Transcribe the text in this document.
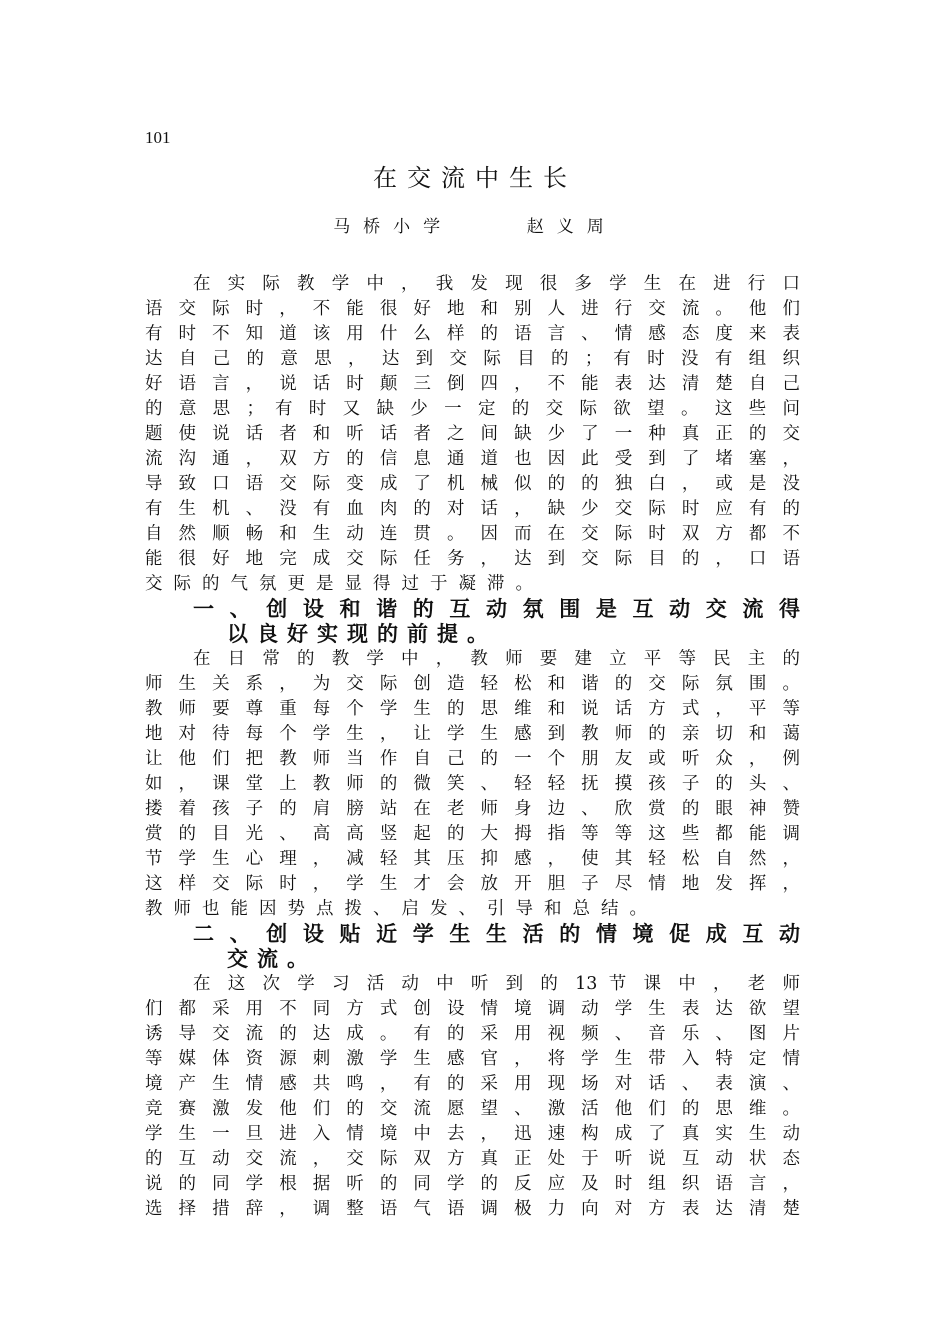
101
在交流中生长
马桥小学    赵义周
在 实 际 教 学 中 ， 我 发 现 很 多 学 生 在 进 行 口
语 交 际 时 ， 不 能 很 好 地 和 别 人 进 行 交 流 。 他 们
有 时 不 知 道 该 用 什 么 样 的 语 言 、 情 感 态 度 来 表
达 自 己 的 意 思 ， 达 到 交 际 目 的 ； 有 时 没 有 组 织
好 语 言 ， 说 话 时 颠 三 倒 四 ， 不 能 表 达 清 楚 自 己
的 意 思 ； 有 时 又 缺 少 一 定 的 交 际 欲 望 。 这 些 问
题 使 说 话 者 和 听 话 者 之 间 缺 少 了 一 种 真 正 的 交
流 沟 通 ， 双 方 的 信 息 通 道 也 因 此 受 到 了 堵 塞 ，
导 致 口 语 交 际 变 成 了 机 械 似 的 的 独 白 ， 或 是 没
有 生 机 、 没 有 血 肉 的 对 话 ， 缺 少 交 际 时 应 有 的
自 然 顺 畅 和 生 动 连 贯 。 因 而 在 交 际 时 双 方 都 不
能 很 好 地 完 成 交 际 任 务 ， 达 到 交 际 目 的 ， 口 语
交际的气氛更是显得过于凝滞。
一 、 创 设 和 谐 的 互 动 氛 围 是 互 动 交 流 得
以良好实现的前提。
在 日 常 的 教 学 中 ， 教 师 要 建 立 平 等 民 主 的
师 生 关 系 ， 为 交 际 创 造 轻 松 和 谐 的 交 际 氛 围 。
教 师 要 尊 重 每 个 学 生 的 思 维 和 说 话 方 式 ， 平 等
地 对 待 每 个 学 生 ， 让 学 生 感 到 教 师 的 亲 切 和 蔼
让 他 们 把 教 师 当 作 自 己 的 一 个 朋 友 或 听 众 ， 例
如 ， 课 堂 上 教 师 的 微 笑 、 轻 轻 抚 摸 孩 子 的 头 、
搂 着 孩 子 的 肩 膀 站 在 老 师 身 边 、 欣 赏 的 眼 神 赞
赏 的 目 光 、 高 高 竖 起 的 大 拇 指 等 等 这 些 都 能 调
节 学 生 心 理 ， 减 轻 其 压 抑 感 ， 使 其 轻 松 自 然 ，
这 样 交 际 时 ， 学 生 才 会 放 开 胆 子 尽 情 地 发 挥 ，
教师也能因势点拨、启发、引导和总结。
二 、 创 设 贴 近 学 生 生 活 的 情 境 促 成 互 动
交流。
在 这 次 学 习 活 动 中 听 到 的 13 节 课 中 ， 老 师
们 都 采 用 不 同 方 式 创 设 情 境 调 动 学 生 表 达 欲 望
诱 导 交 流 的 达 成 。 有 的 采 用 视 频 、 音 乐 、 图 片
等 媒 体 资 源 刺 激 学 生 感 官 ， 将 学 生 带 入 特 定 情
境 产 生 情 感 共 鸣 ， 有 的 采 用 现 场 对 话 、 表 演 、
竞 赛 激 发 他 们 的 交 流 愿 望 、 激 活 他 们 的 思 维 。
学 生 一 旦 进 入 情 境 中 去 ， 迅 速 构 成 了 真 实 生 动
的 互 动 交 流 ， 交 际 双 方 真 正 处 于 听 说 互 动 状 态
说 的 同 学 根 据 听 的 同 学 的 反 应 及 时 组 织 语 言 ，
选 择 措 辞 ， 调 整 语 气 语 调 极 力 向 对 方 表 达 清 楚
